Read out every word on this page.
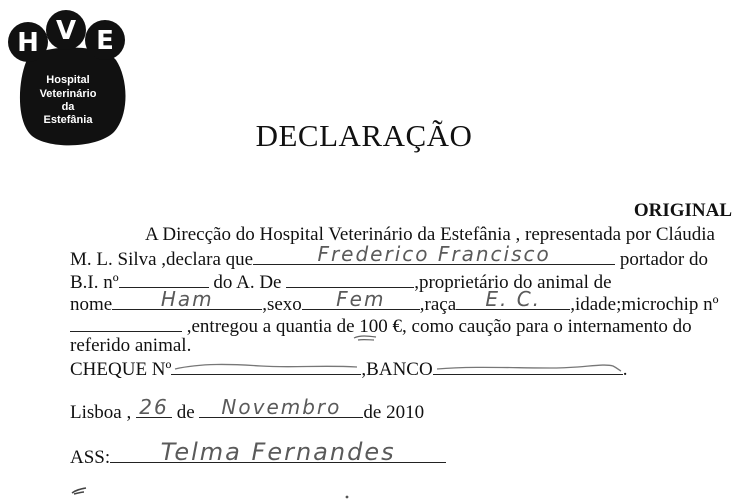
H V E
Hospital
Veterinário
da
Estefânia	DECLARAÇÃO
ORIGINAL
A Direcção do Hospital Veterinário da Estefânia , representada por Cláudia
M. L. Silva ,declara que	Frederico Francisco	portador do
B.I. nº	do A. De	,proprietário do animal de
nome	Ham	,sexo	Fem	,raça	E. C.	,idade;microchip nº
,entregou a quantia de 100 €, como caução para o internamento do
referido animal.
CHEQUE Nº	,BANCO	.
Lisboa , 26 de	Novembro	de 2010
ASS:	Telma Fernandes
